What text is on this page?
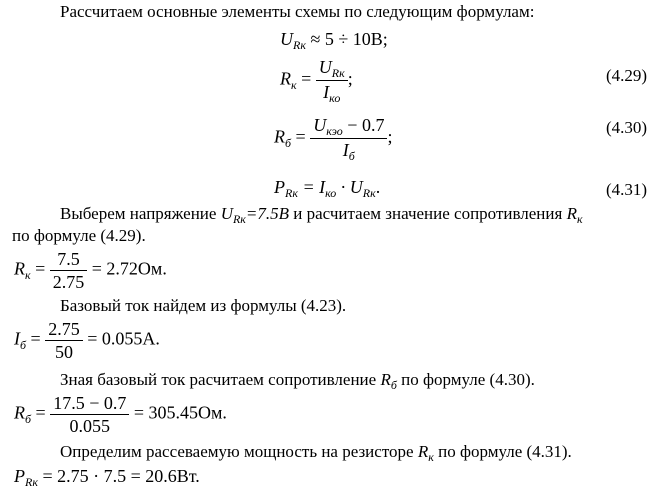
Рассчитаем основные элементы схемы по следующим формулам:
$U_{Rк} \approx 5 \div 10B$;
$R_к = \frac{U_{Rк}}{I_{ко}}$ ;	(4.29)
$R_б = \frac{U_{кэо} - 0.7}{I_б}$ ;	(4.30)
$P_{Rк} = I_{ко} \cdot U_{Rк}$.	(4.31)
Выберем напряжение $U_{Rк}=7.5B$ и расчитаем значение сопротивления $R_к$
по формуле (4.29).
$R_к = \frac{7.5}{2.75} = 2.72Ом$.
Базовый ток найдем из формулы (4.23).
$I_б = \frac{2.75}{50} = 0.055A$.
Зная базовый ток расчитаем сопротивление $R_б$ по формуле (4.30).
$R_б = \frac{17.5 - 0.7}{0.055} = 305.45Ом$.
Определим рассеваемую мощность на резисторе $R_к$ по формуле (4.31).
$P_{Rк} = 2.75 \cdot 7.5 = 20.6Вт$.
